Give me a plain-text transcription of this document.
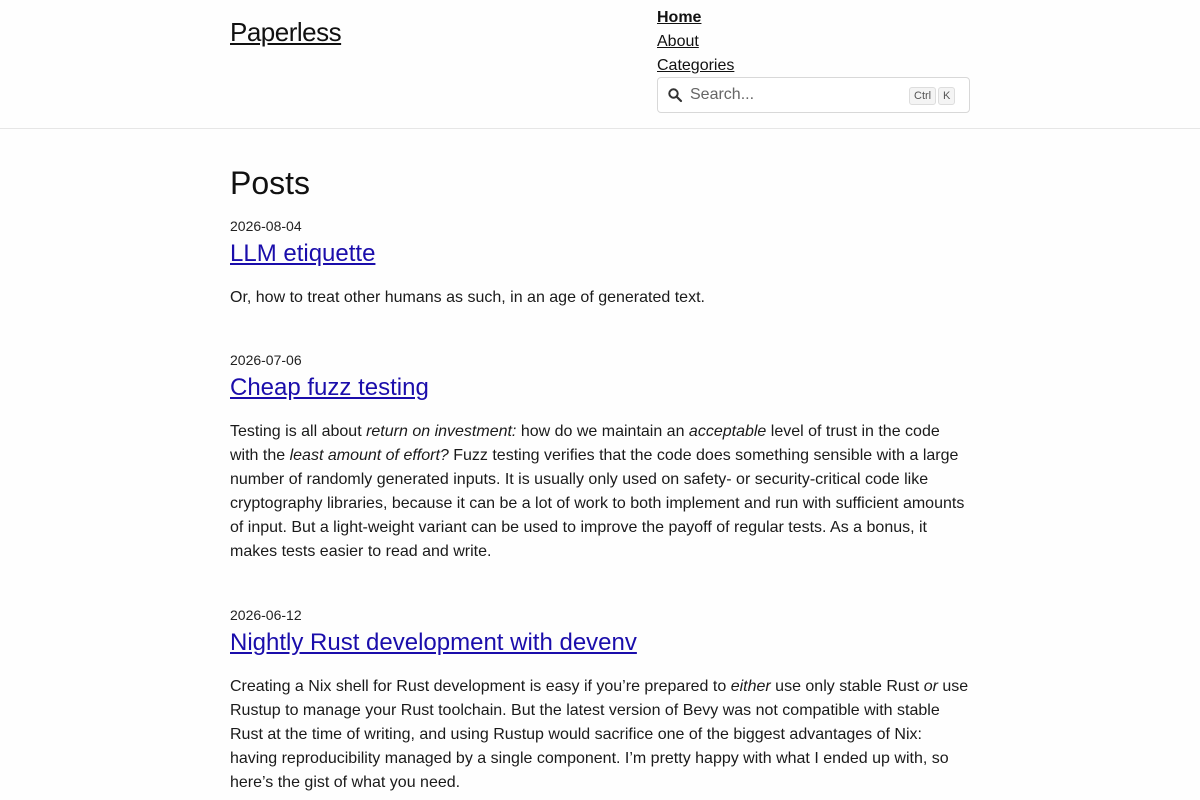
Paperless	Home
About
Categories
Search...	Ctrl	K
Posts
2026-08-04
LLM etiquette
Or, how to treat other humans as such, in an age of generated text.
2026-07-06
Cheap fuzz testing
Testing is all about return on investment: how do we maintain an acceptable level of trust in the code with the least amount of effort? Fuzz testing verifies that the code does something sensible with a large number of randomly generated inputs. It is usually only used on safety- or security-critical code like cryptography libraries, because it can be a lot of work to both implement and run with sufficient amounts of input. But a light-weight variant can be used to improve the payoff of regular tests. As a bonus, it makes tests easier to read and write.
2026-06-12
Nightly Rust development with devenv
Creating a Nix shell for Rust development is easy if you’re prepared to either use only stable Rust or use Rustup to manage your Rust toolchain. But the latest version of Bevy was not compatible with stable Rust at the time of writing, and using Rustup would sacrifice one of the biggest advantages of Nix: having reproducibility managed by a single component. I’m pretty happy with what I ended up with, so here’s the gist of what you need.
